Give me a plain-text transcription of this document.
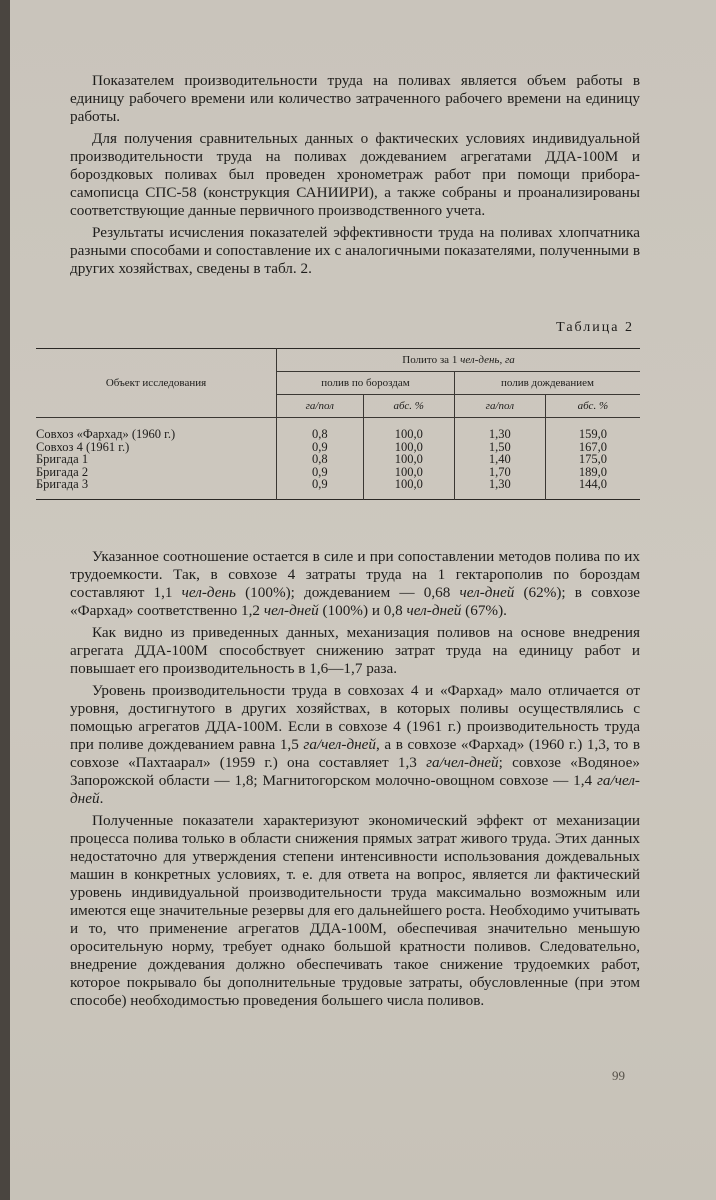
Показателем производительности труда на поливах является объем работы в единицу рабочего времени или количество затраченного рабочего времени на единицу работы.

Для получения сравнительных данных о фактических условиях индивидуальной производительности труда на поливах дождеванием агрегатами ДДА-100М и бороздковых поливах был проведен хронометраж работ при помощи прибора-самописца СПС-58 (конструкция САНИИРИ), а также собраны и проанализированы соответствующие данные первичного производственного учета.

Результаты исчисления показателей эффективности труда на поливах хлопчатника разными способами и сопоставление их с аналогичными показателями, полученными в других хозяйствах, сведены в табл. 2.

Таблица 2
Объект исследования	Полито за 1 чел-день, га			
	полив по бороздам		полив дождеванием	
	га/пол	абс. %	га/пол	абс. %
Совхоз «Фархад» (1960 г.)	0,8	100,0	1,30	159,0
Совхоз 4 (1961 г.)	0,9	100,0	1,50	167,0
Бригада 1	0,8	100,0	1,40	175,0
Бригада 2	0,9	100,0	1,70	189,0
Бригада 3	0,9	100,0	1,30	144,0

Указанное соотношение остается в силе и при сопоставлении методов полива по их трудоемкости. Так, в совхозе 4 затраты труда на 1 гектарополив по бороздам составляют 1,1 чел-день (100%); дождеванием — 0,68 чел-дней (62%); в совхозе «Фархад» соответственно 1,2 чел-дней (100%) и 0,8 чел-дней (67%).

Как видно из приведенных данных, механизация поливов на основе внедрения агрегата ДДА-100М способствует снижению затрат труда на единицу работ и повышает его производительность в 1,6—1,7 раза.

Уровень производительности труда в совхозах 4 и «Фархад» мало отличается от уровня, достигнутого в других хозяйствах, в которых поливы осуществлялись с помощью агрегатов ДДА-100М. Если в совхозе 4 (1961 г.) производительность труда при поливе дождеванием равна 1,5 га/чел-дней, а в совхозе «Фархад» (1960 г.) 1,3, то в совхозе «Пахтаарал» (1959 г.) она составляет 1,3 га/чел-дней; совхозе «Водяное» Запорожской области — 1,8; Магнитогорском молочно-овощном совхозе — 1,4 га/чел-дней.

Полученные показатели характеризуют экономический эффект от механизации процесса полива только в области снижения прямых затрат живого труда. Этих данных недостаточно для утверждения степени интенсивности использования дождевальных машин в конкретных условиях, т. е. для ответа на вопрос, является ли фактический уровень индивидуальной производительности труда максимально возможным или имеются еще значительные резервы для его дальнейшего роста. Необходимо учитывать и то, что применение агрегатов ДДА-100М, обеспечивая значительно меньшую оросительную норму, требует однако большой кратности поливов. Следовательно, внедрение дождевания должно обеспечивать такое снижение трудоемких работ, которое покрывало бы дополнительные трудовые затраты, обусловленные (при этом способе) необходимостью проведения большего числа поливов.

99
